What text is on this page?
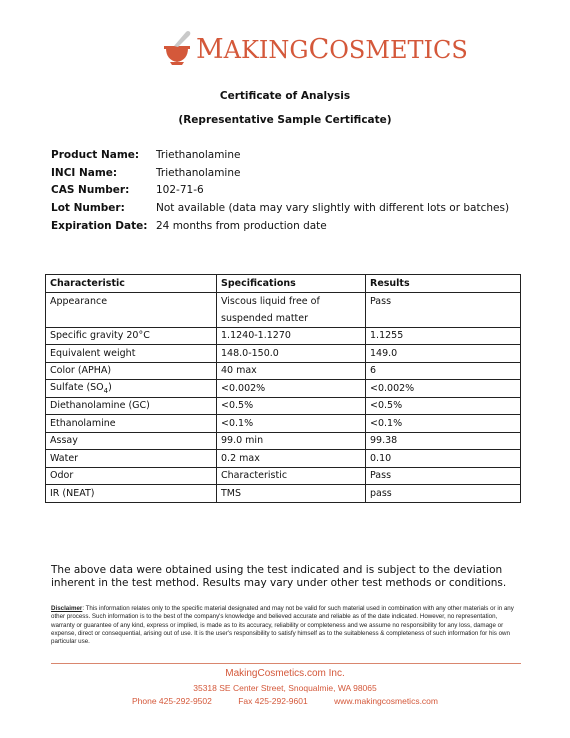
MAKINGCOSMETICS
Certificate of Analysis
(Representative Sample Certificate)
Product Name:	Triethanolamine
INCI Name:	Triethanolamine
CAS Number:	102-71-6
Lot Number:	Not available (data may vary slightly with different lots or batches)
Expiration Date: 24 months from production date
Characteristic	Specifications	Results
Appearance	Viscous liquid free of suspended matter	Pass
Specific gravity 20°C	1.1240-1.1270	1.1255
Equivalent weight	148.0-150.0	149.0
Color (APHA)	40 max	6
Sulfate $(SO_4)$	<0.002%	<0.002%
Diethanolamine (GC)	<0.5%	<0.5%
Ethanolamine	<0.1%	<0.1%
Assay	99.0 min	99.38
Water	0.2 max	0.10
Odor	Characteristic	Pass
IR (NEAT)	TMS	pass
The above data were obtained using the test indicated and is subject to the deviation inherent in the test method. Results may vary under other test methods or conditions.
Disclaimer: This information relates only to the specific material designated and may not be valid for such material used in combination with any other materials or in any other process. Such information is to the best of the company's knowledge and believed accurate and reliable as of the date indicated. However, no representation, warranty or guarantee of any kind, express or implied, is made as to its accuracy, reliability or completeness and we assume no responsibility for any loss, damage or expense, direct or consequential, arising out of use. It is the user's responsibility to satisfy himself as to the suitableness & completeness of such information for his own particular use.
MakingCosmetics.com Inc.
35318 SE Center Street, Snoqualmie, WA 98065
Phone 425-292-9502	Fax 425-292-9601	www.makingcosmetics.com
